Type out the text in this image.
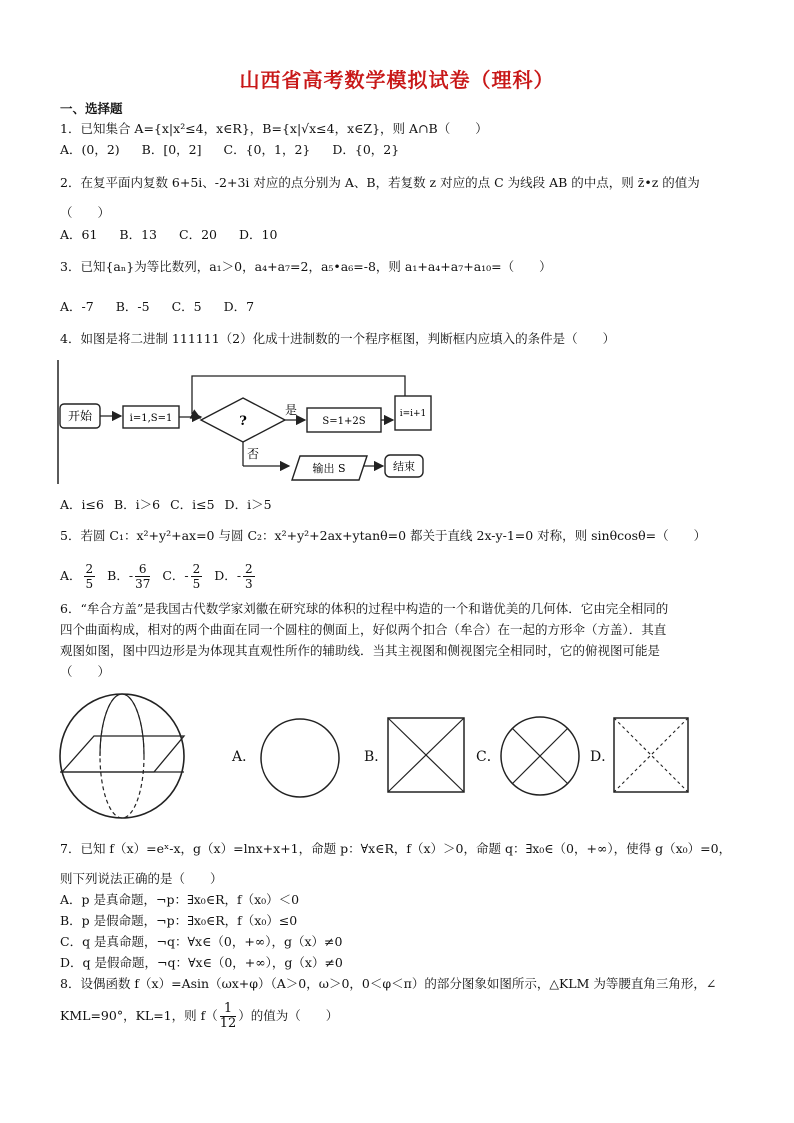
山西省高考数学模拟试卷（理科）
一、选择题
1．已知集合 A={x|x²≤4，x∈R}，B={x|√x≤4，x∈Z}，则 A∩B（　　）
A．(0，2) B．[0，2] C．{0，1，2} D．{0，2}
2．在复平面内复数 6+5i、-2+3i 对应的点分别为 A、B，若复数 z 对应的点 C 为线段 AB 的中点，则 z̄•z 的值为
（　　）
A．61 B．13 C．20 D．10
3．已知{aₙ}为等比数列，a₁＞0，a₄+a₇=2，a₅•a₆=-8，则 a₁+a₄+a₇+a₁₀=（　　）
A．-7 B．-5 C．5 D．7
4．如图是将二进制 111111（2）化成十进制数的一个程序框图，判断框内应填入的条件是（　　）
开始	i=1,S=1	?
是
S=1+2S
i=i+1
否
输出 S	结束
A．i≤6 B．i＞6 C．i≤5 D．i＞5
5．若圆 C₁：x²+y²+ax=0 与圆 C₂：x²+y²+2ax+ytanθ=0 都关于直线 2x-y-1=0 对称，则 sinθcosθ=（　　）
A． $\frac{2}{5}$ B．- $\frac{6}{37}$ C．- $\frac{2}{5}$ D．- $\frac{2}{3}$
6．“牟合方盖”是我国古代数学家刘徽在研究球的体积的过程中构造的一个和谐优美的几何体．它由完全相同的
四个曲面构成，相对的两个曲面在同一个圆柱的侧面上，好似两个扣合（牟合）在一起的方形伞（方盖）．其直
观图如图，图中四边形是为体现其直观性所作的辅助线．当其主视图和侧视图完全相同时，它的俯视图可能是
（　　）
A．	B．	C．	D．
7．已知 f（x）=eˣ-x，g（x）=lnx+x+1，命题 p：∀x∈R，f（x）＞0，命题 q：∃x₀∈（0，+∞），使得 g（x₀）=0，
则下列说法正确的是（　　）
A．p 是真命题，¬p：∃x₀∈R，f（x₀）＜0
B．p 是假命题，¬p：∃x₀∈R，f（x₀）≤0
C．q 是真命题，¬q：∀x∈（0，+∞），g（x）≠0
D．q 是假命题，¬q：∀x∈（0，+∞），g（x）≠0
8．设偶函数 f（x）=Asin（ωx+φ）（A＞0，ω＞0，0＜φ＜π）的部分图象如图所示，△KLM 为等腰直角三角形，∠
KML=90°，KL=1，则 $f( \frac{1}{12}$ ）的值为（　　）
